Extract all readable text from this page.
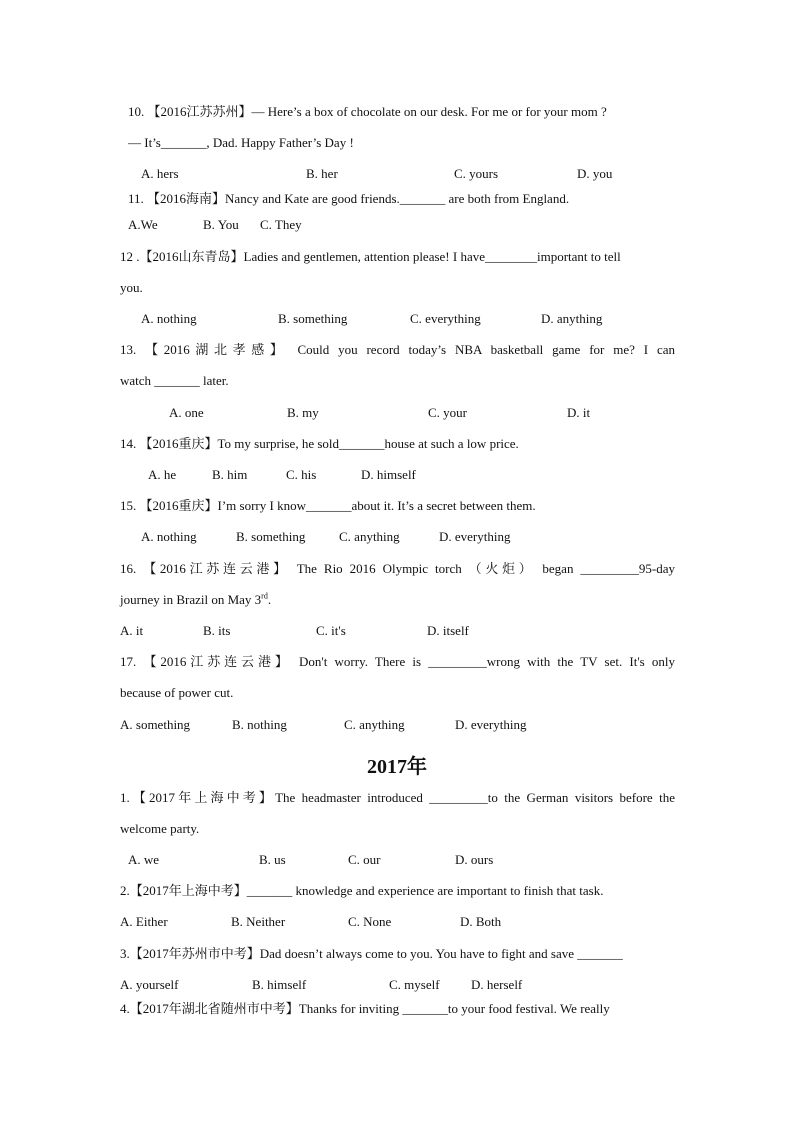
10. 【2016江苏苏州】— Here’s a box of chocolate on our desk. For me or for your mom ?
— It’s_______, Dad. Happy Father’s Day !
A. hers	B. her	C. yours	D. you
11. 【2016海南】Nancy and Kate are good friends._______ are both from England.
A.We	B. You C. They
12 .【2016山东青岛】Ladies and gentlemen, attention please! I have________important to tell
you.
A. nothing	B. something	C. everything	D. anything
13. 【2016湖北孝感】 Could you record today’s NBA basketball game for me? I can
watch _______ later.
A. one	B. my	C. your	D. it
14. 【2016重庆】To my surprise, he sold_______house at such a low price.
A. he	B. him	C. his	D. himself
15. 【2016重庆】I’m sorry I know_______about it. It’s a secret between them.
A. nothing	B. something	C. anything	D. everything
16. 【2016江苏连云港】 The Rio 2016 Olympic torch （火炬） began _________95-day
journey in Brazil on May 3rd.
A. it	B. its	C. it's	D. itself
17. 【2016江苏连云港】 Don't worry. There is _________wrong with the TV set. It's only
because of power cut.
A. something	B. nothing	C. anything	D. everything
2017年
1.【2017年上海中考】The headmaster introduced _________to the German visitors before the
welcome party.
A. we	B. us	C. our	D. ours
2.【2017年上海中考】_______ knowledge and experience are important to finish that task.
A. Either	B. Neither	C. None	D. Both
3.【2017年苏州市中考】Dad doesn’t always come to you. You have to fight and save _______
A. yourself	B. himself	C. myself D. herself
4.【2017年湖北省随州市中考】Thanks for inviting _______to your food festival. We really
